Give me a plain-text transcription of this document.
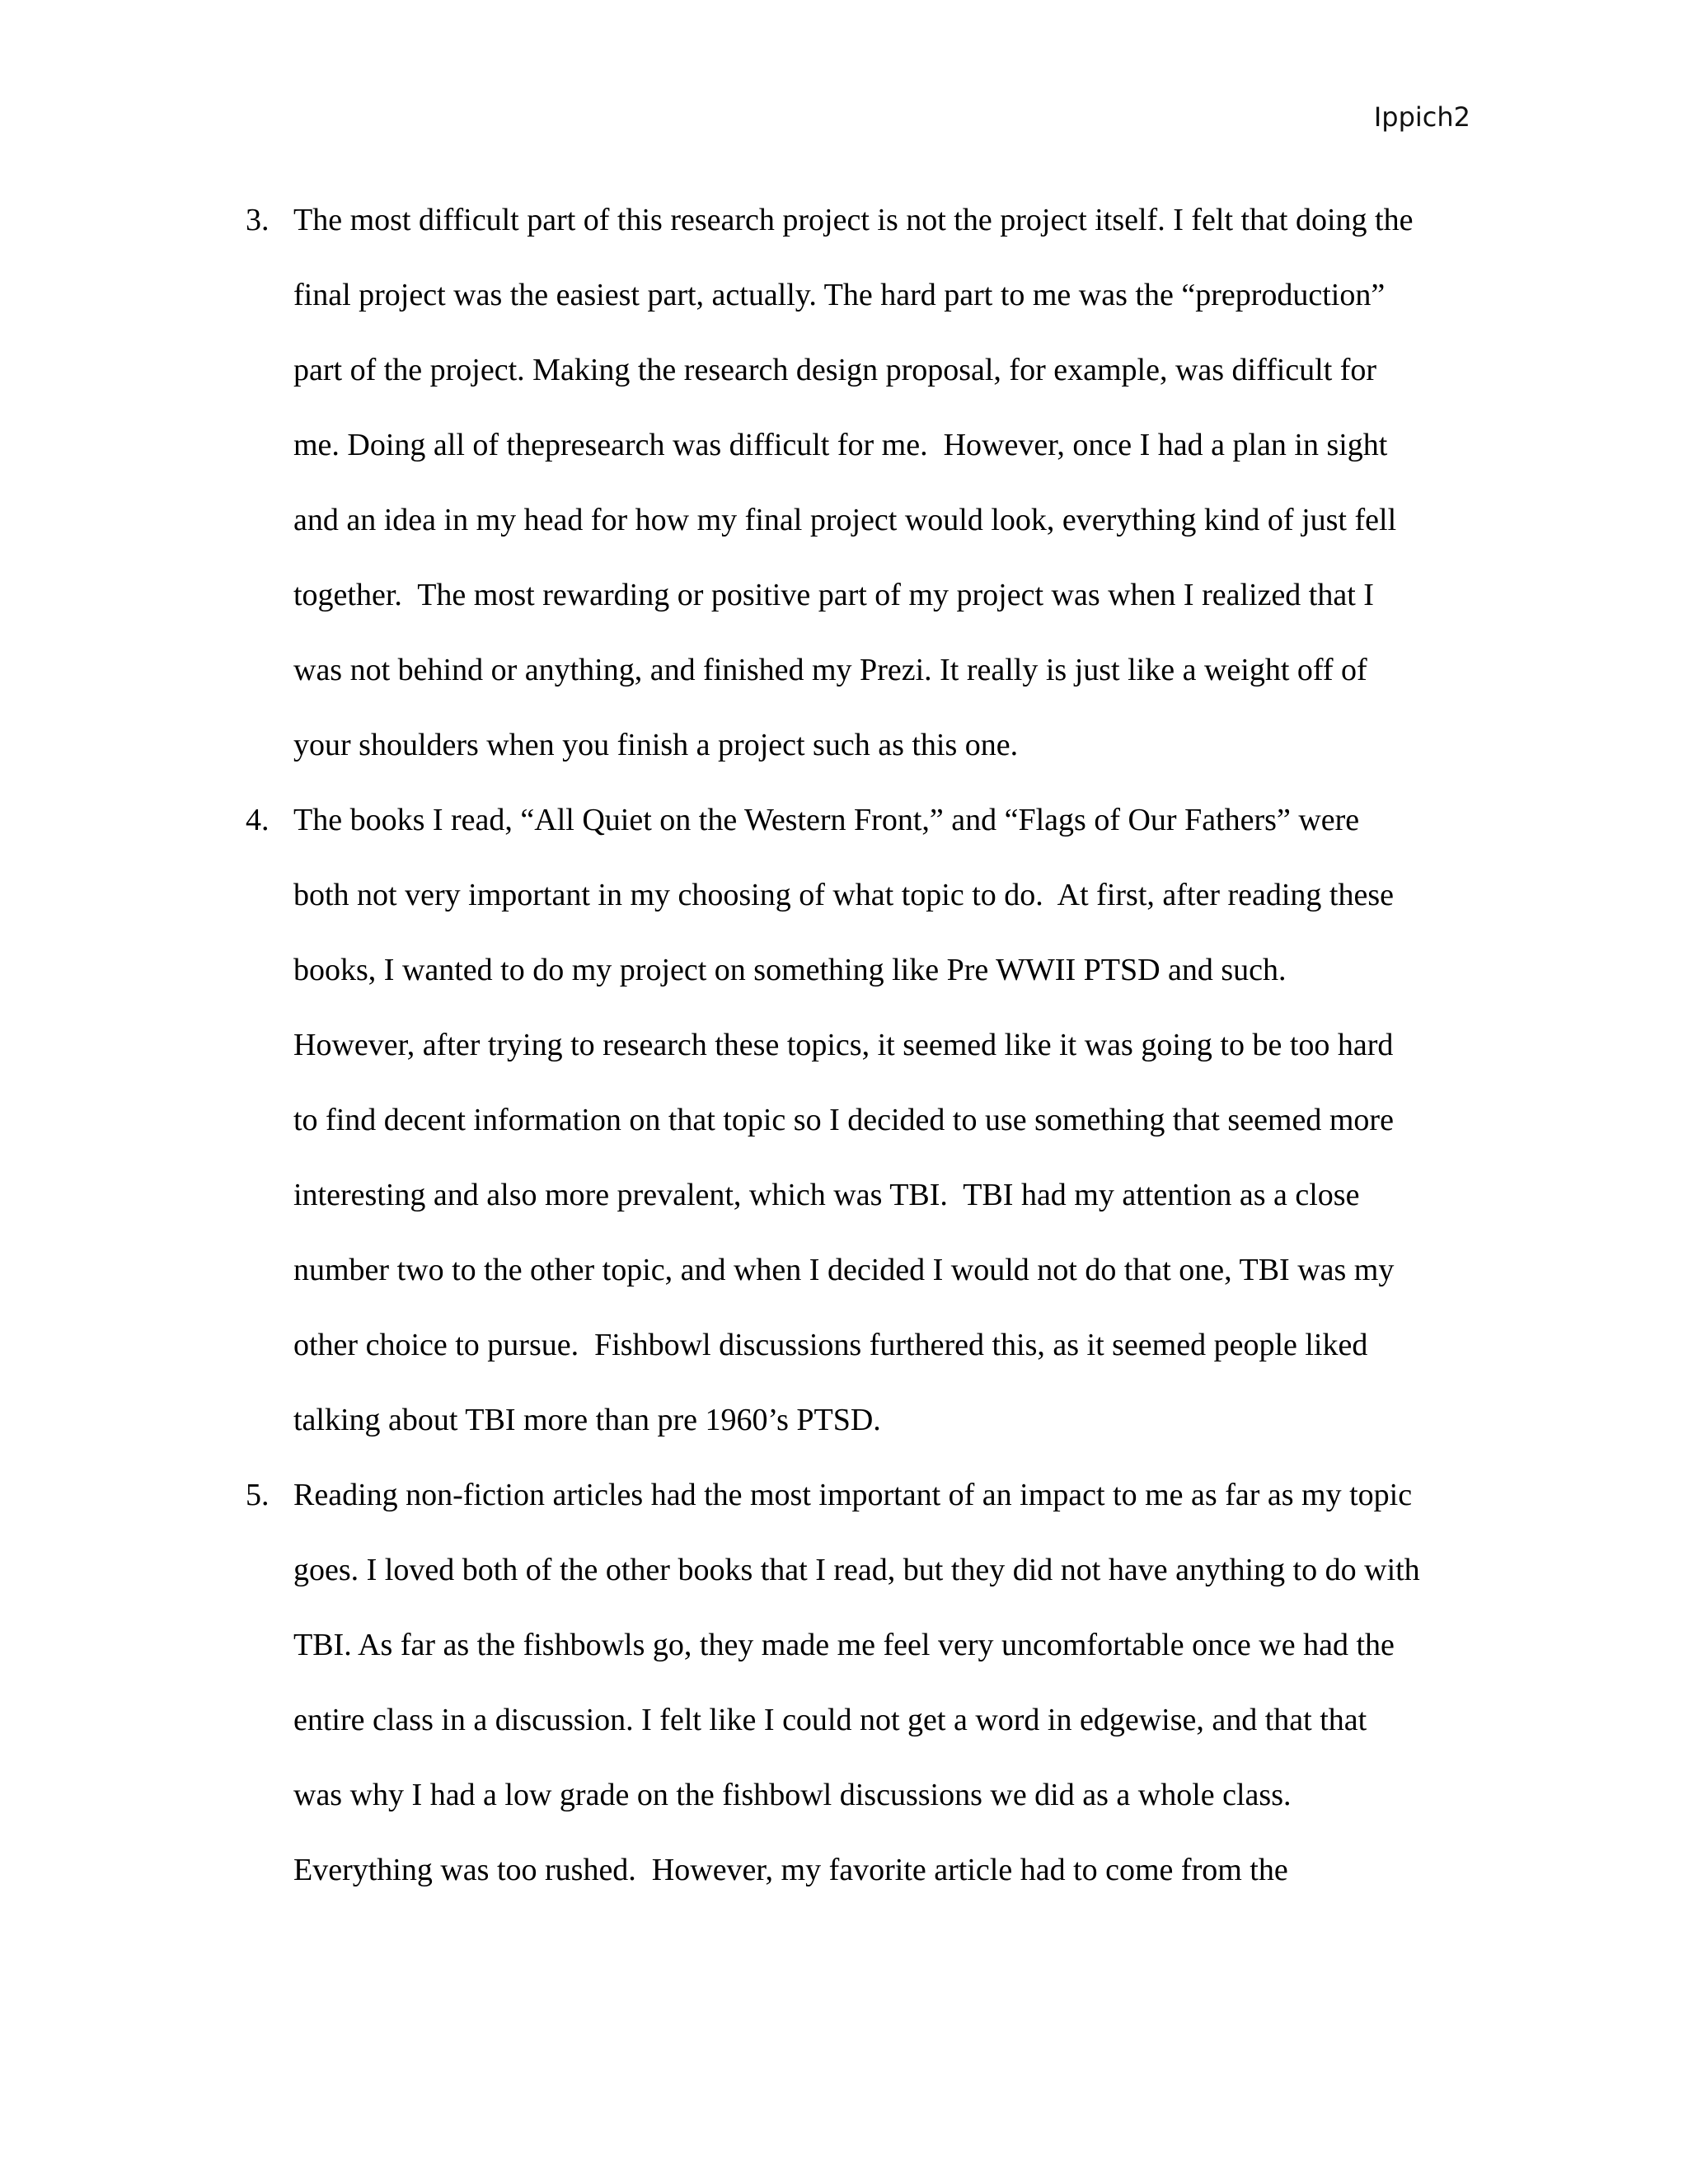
Ippich2
3. The most difficult part of this research project is not the project itself. I felt that doing the
final project was the easiest part, actually. The hard part to me was the “preproduction”
part of the project. Making the research design proposal, for example, was difficult for
me. Doing all of thepresearch was difficult for me.  However, once I had a plan in sight
and an idea in my head for how my final project would look, everything kind of just fell
together.  The most rewarding or positive part of my project was when I realized that I
was not behind or anything, and finished my Prezi. It really is just like a weight off of
your shoulders when you finish a project such as this one.
4. The books I read, “All Quiet on the Western Front,” and “Flags of Our Fathers” were
both not very important in my choosing of what topic to do.  At first, after reading these
books, I wanted to do my project on something like Pre WWII PTSD and such.
However, after trying to research these topics, it seemed like it was going to be too hard
to find decent information on that topic so I decided to use something that seemed more
interesting and also more prevalent, which was TBI.  TBI had my attention as a close
number two to the other topic, and when I decided I would not do that one, TBI was my
other choice to pursue.  Fishbowl discussions furthered this, as it seemed people liked
talking about TBI more than pre 1960’s PTSD.
5. Reading non-fiction articles had the most important of an impact to me as far as my topic
goes. I loved both of the other books that I read, but they did not have anything to do with
TBI. As far as the fishbowls go, they made me feel very uncomfortable once we had the
entire class in a discussion. I felt like I could not get a word in edgewise, and that that
was why I had a low grade on the fishbowl discussions we did as a whole class.
Everything was too rushed.  However, my favorite article had to come from the
